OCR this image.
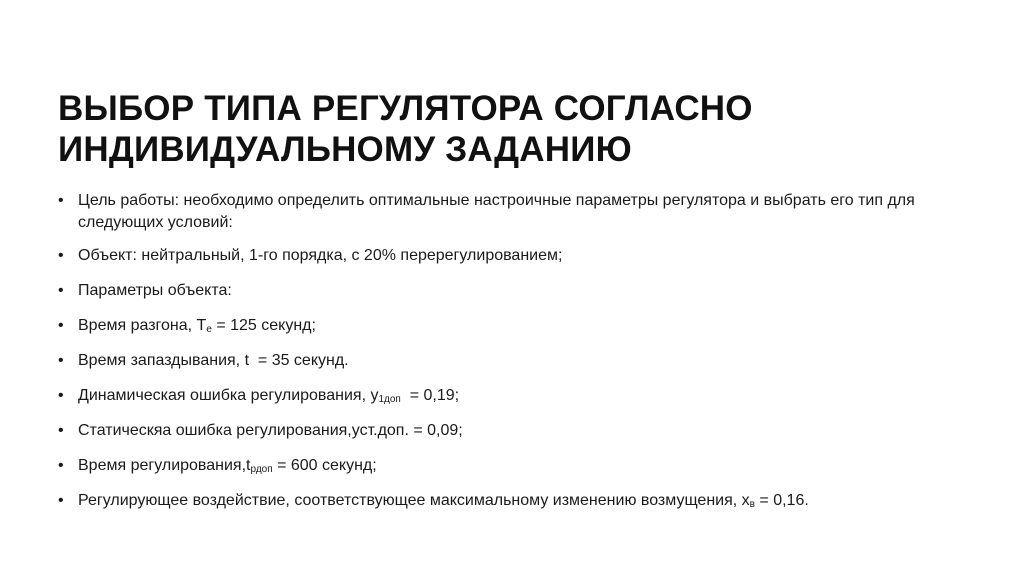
ВЫБОР ТИПА РЕГУЛЯТОРА СОГЛАСНО
ИНДИВИДУАЛЬНОМУ ЗАДАНИЮ
• Цель работы: необходимо определить оптимальные настроичные параметры регулятора и выбрать его тип для следующих условий:
• Объект: нейтральный, 1-го порядка, с 20% перерегулированием;
• Параметры объекта:
• Время разгона, $T_e = 125$ секунд;
• Время запаздывания, t  = 35 секунд.
• Динамическая ошибка регулирования, $y_{1доп} = 0,19$;
• Статическяа ошибка регулирования,уст.доп. = 0,09;
• Время $регулирования,t_{рдоп} = 600$ секунд;
• Регулирующее воздействие, соответствующее максимальному изменению возмущения, $x_в = 0,16$.
